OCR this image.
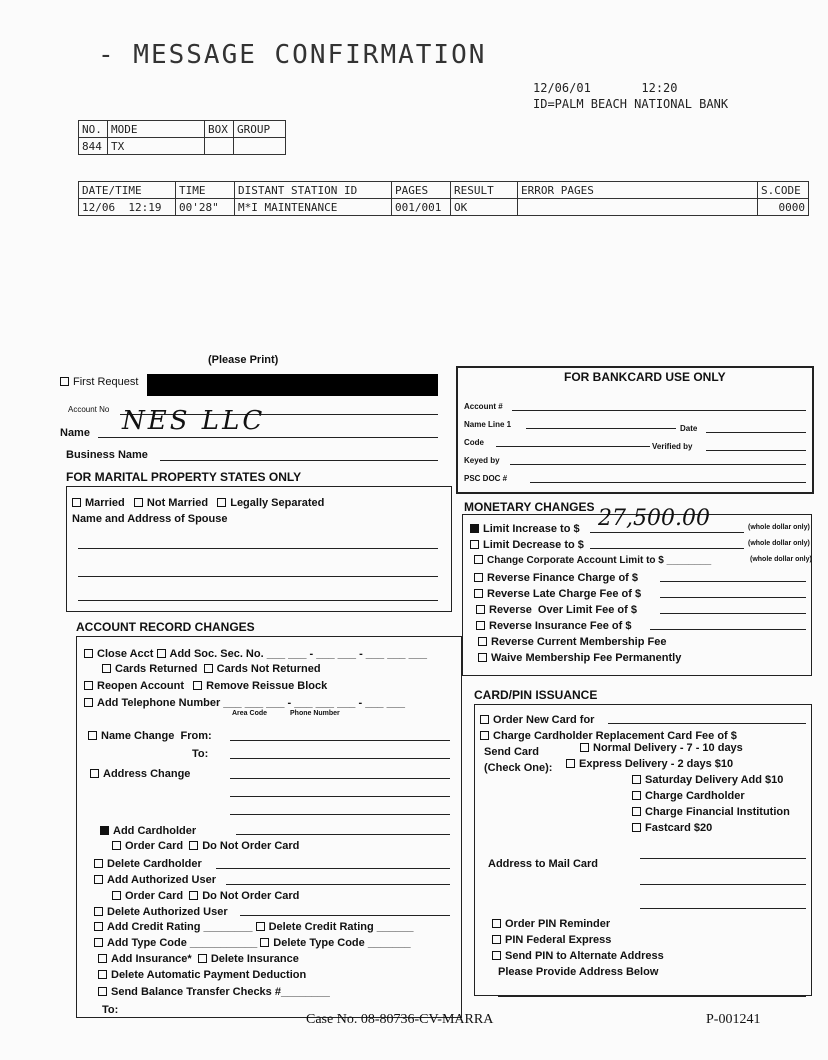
- MESSAGE CONFIRMATION
12/06/01       12:20
ID=PALM BEACH NATIONAL BANK
NO.	MODE	BOX	GROUP
844	TX		
DATE/TIME	TIME	DISTANT STATION ID	PAGES	RESULT	ERROR PAGES	S.CODE
12/06  12:19	00'28"	M*I MAINTENANCE	001/001	OK		0000
(Please Print)
First Request
Account No
Name NES LLC
Business Name
FOR MARITAL PROPERTY STATES ONLY
Married Not Married Legally Separated
Name and Address of Spouse
ACCOUNT RECORD CHANGES
Close Acct Add Soc. Sec. No. ___ ___ - ___ ___ - ___ ___ ___
Cards Returned Cards Not Returned
Reopen Account Remove Reissue Block
Add Telephone Number ___ ___ ___ - ___ ___ ___ - ___ ___
Area Code	Phone Number
Name Change From:
To:
Address Change
Add Cardholder
Order Card Do Not Order Card
Delete Cardholder
Add Authorized User
Order Card Do Not Order Card
Delete Authorized User
Add Credit Rating ________ Delete Credit Rating ______
Add Type Code ___________ Delete Type Code _______
Add Insurance* Delete Insurance
Delete Automatic Payment Deduction
Send Balance Transfer Checks #________
To:
FOR BANKCARD USE ONLY
Account #
Name Line 1	Date
Code	Verified by
Keyed by
PSC DOC #
MONETARY CHANGES
Limit Increase to $ 27,500.00	(whole dollar only)
Limit Decrease to $	(whole dollar only)
Change Corporate Account Limit to $ ________	(whole dollar only)
Reverse Finance Charge of $
Reverse Late Charge Fee of $
Reverse  Over Limit Fee of $
Reverse Insurance Fee of $
Reverse Current Membership Fee
Waive Membership Fee Permanently
CARD/PIN ISSUANCE
Order New Card for
Charge Cardholder Replacement Card Fee of $
Send Card	Normal Delivery - 7 - 10 days
(Check One):	Express Delivery - 2 days $10
Saturday Delivery Add $10
Charge Cardholder
Charge Financial Institution
Fastcard $20
Address to Mail Card
Order PIN Reminder
PIN Federal Express
Send PIN to Alternate Address
Please Provide Address Below
Case No. 08-80736-CV-MARRA	P-001241
